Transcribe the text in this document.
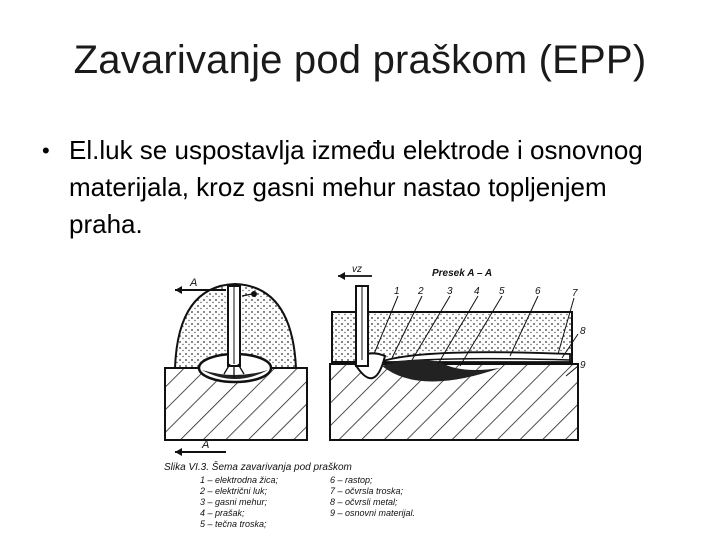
Zavarivanje pod praškom (EPP)
• El.luk se uspostavlja između elektrode i osnovnog materijala, kroz gasni mehur nastao topljenjem praha.
A
A
vz	Presek A – A
1 2 3 4 5	6	7
8
9
Slika VI.3. Šema zavarivanja pod praškom
1 – elektrodna žica;
2 – električni luk;
3 – gasni mehur;
4 – prašak;
5 – tečna troska;
6 – rastop;
7 – očvrsla troska;
8 – očvrsli metal;
9 – osnovni materijal.
